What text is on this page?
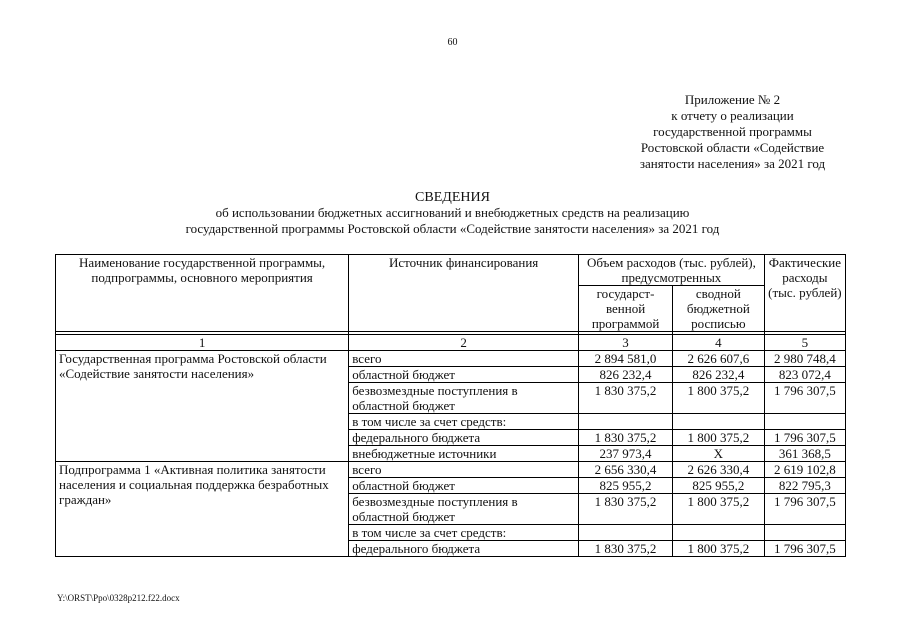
60
Приложение № 2
к отчету о реализации
государственной программы
Ростовской области «Содействие
занятости населения» за 2021 год
СВЕДЕНИЯ
об использовании бюджетных ассигнований и внебюджетных средств на реализацию
государственной программы Ростовской области «Содействие занятости населения» за 2021 год
Наименование государственной программы, подпрограммы, основного мероприятия	Источник финансирования	Объем расходов (тыс. рублей), предусмотренных		Фактические расходы (тыс. рублей)
		государст-венной программой	сводной бюджетной росписью	

1	2	3	4	5
Государственная программа Ростовской области «Содействие занятости населения»	всего	2 894 581,0	2 626 607,6	2 980 748,4
	областной бюджет	826 232,4	826 232,4	823 072,4
	безвозмездные поступления в областной бюджет	1 830 375,2	1 800 375,2	1 796 307,5
	в том числе за счет средств:			
	федерального бюджета	1 830 375,2	1 800 375,2	1 796 307,5
	внебюджетные источники	237 973,4	X	361 368,5
Подпрограмма 1 «Активная политика занятости населения и социальная поддержка безработных граждан»	всего	2 656 330,4	2 626 330,4	2 619 102,8
	областной бюджет	825 955,2	825 955,2	822 795,3
	безвозмездные поступления в областной бюджет	1 830 375,2	1 800 375,2	1 796 307,5
	в том числе за счет средств:			
	федерального бюджета	1 830 375,2	1 800 375,2	1 796 307,5
Y:\ORST\Ppo\0328p212.f22.docx
